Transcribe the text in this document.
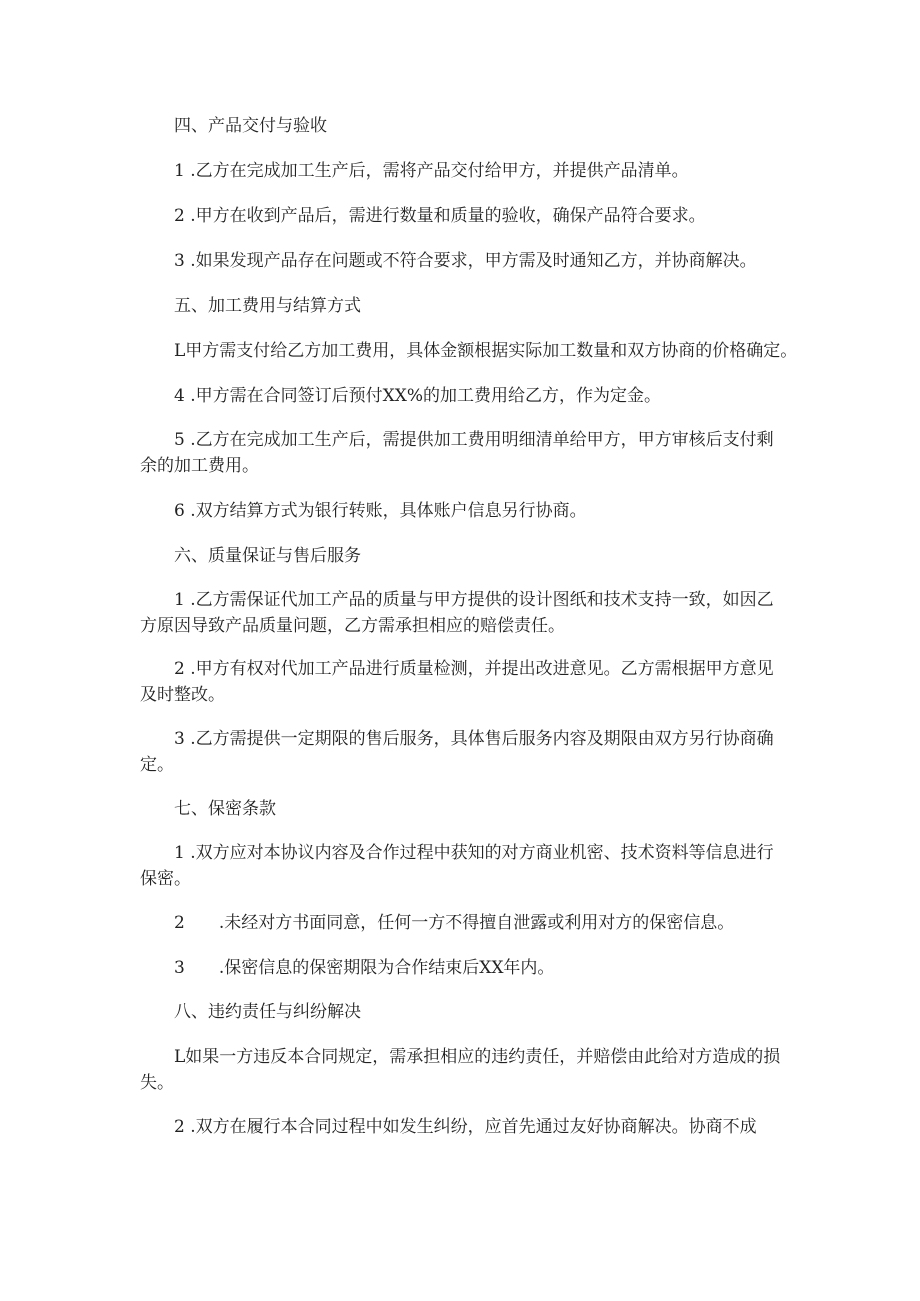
四、产品交付与验收
1 .乙方在完成加工生产后，需将产品交付给甲方，并提供产品清单。
2 .甲方在收到产品后，需进行数量和质量的验收，确保产品符合要求。
3 .如果发现产品存在问题或不符合要求，甲方需及时通知乙方，并协商解决。
五、加工费用与结算方式
L甲方需支付给乙方加工费用，具体金额根据实际加工数量和双方协商的价格确定。
4 .甲方需在合同签订后预付XX%的加工费用给乙方，作为定金。
5 .乙方在完成加工生产后，需提供加工费用明细清单给甲方，甲方审核后支付剩
余的加工费用。
6 .双方结算方式为银行转账，具体账户信息另行协商。
六、质量保证与售后服务
1 .乙方需保证代加工产品的质量与甲方提供的设计图纸和技术支持一致，如因乙
方原因导致产品质量问题，乙方需承担相应的赔偿责任。
2 .甲方有权对代加工产品进行质量检测，并提出改进意见。乙方需根据甲方意见
及时整改。
3 .乙方需提供一定期限的售后服务，具体售后服务内容及期限由双方另行协商确
定。
七、保密条款
1 .双方应对本协议内容及合作过程中获知的对方商业机密、技术资料等信息进行
保密。
2 .未经对方书面同意，任何一方不得擅自泄露或利用对方的保密信息。
3 .保密信息的保密期限为合作结束后XX年内。
八、违约责任与纠纷解决
L如果一方违反本合同规定，需承担相应的违约责任，并赔偿由此给对方造成的损
失。
2 .双方在履行本合同过程中如发生纠纷，应首先通过友好协商解决。协商不成
